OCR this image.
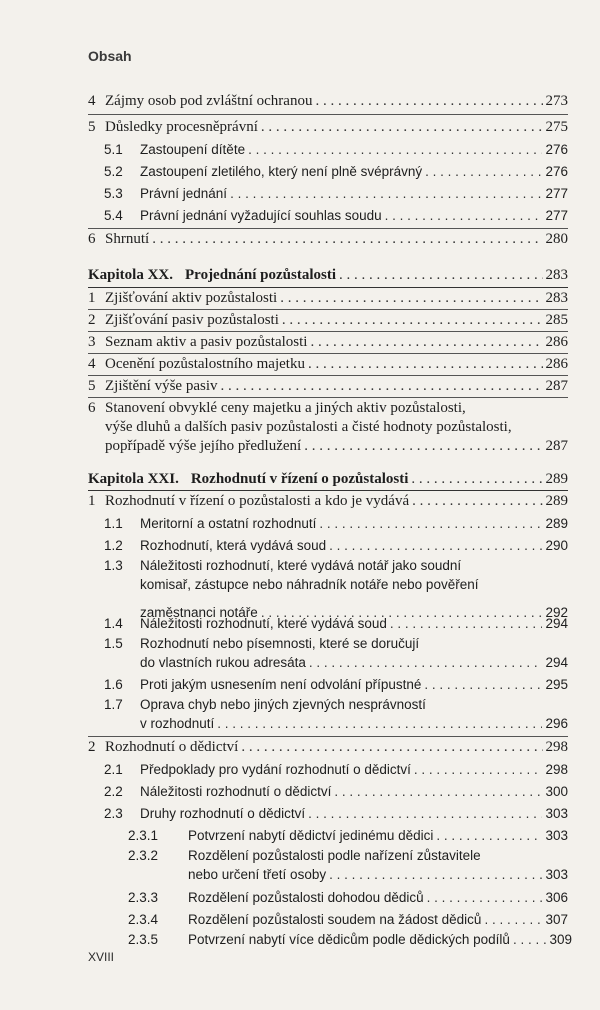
Obsah
4 Zájmy osob pod zvláštní ochranou . . .	273
5 Důsledky procesněprávní . . .	275
5.1	Zastoupení dítěte . . .	276
5.2	Zastoupení zletilého, který není plně svéprávný . . .	276
5.3	Právní jednání . . .	277
5.4	Právní jednání vyžadující souhlas soudu . . .	277
6 Shrnutí . . .	280
Kapitola XX. Projednání pozůstalosti . . .	283
1 Zjišťování aktiv pozůstalosti . . .	283
2 Zjišťování pasiv pozůstalosti . . .	285
3 Seznam aktiv a pasiv pozůstalosti . . .	286
4 Ocenění pozůstalostního majetku . . .	286
5 Zjištění výše pasiv . . .	287
6 Stanovení obvyklé ceny majetku a jiných aktiv pozůstalosti,
výše dluhů a dalších pasiv pozůstalosti a čisté hodnoty pozůstalosti,
popřípadě výše jejího předlužení . . .	287
Kapitola XXI. Rozhodnutí v řízení o pozůstalosti . . .	289
1 Rozhodnutí v řízení o pozůstalosti a kdo je vydává . . .	289
1.1	Meritorní a ostatní rozhodnutí . . .	289
1.2	Rozhodnutí, která vydává soud . . .	290
1.3	Náležitosti rozhodnutí, které vydává notář jako soudní
komisař, zástupce nebo náhradník notáře nebo pověření
zaměstnanci notáře . . .	292
1.4	Náležitosti rozhodnutí, které vydává soud . . .	294
1.5	Rozhodnutí nebo písemnosti, které se doručují
do vlastních rukou adresáta . . .	294
1.6	Proti jakým usnesením není odvolání přípustné . . .	295
1.7	Oprava chyb nebo jiných zjevných nesprávností
v rozhodnutí . . .	296
2 Rozhodnutí o dědictví . . .	298
2.1	Předpoklady pro vydání rozhodnutí o dědictví . . .	298
2.2	Náležitosti rozhodnutí o dědictví . . .	300
2.3	Druhy rozhodnutí o dědictví . . .	303
2.3.1	Potvrzení nabytí dědictví jedinému dědici . . .	303
2.3.2	Rozdělení pozůstalosti podle nařízení zůstavitele
nebo určení třetí osoby . . .	303
2.3.3	Rozdělení pozůstalosti dohodou dědiců . . .	306
2.3.4	Rozdělení pozůstalosti soudem na žádost dědiců . . .	307
2.3.5	Potvrzení nabytí více dědicům podle dědických podílů . . .	309
XVIII
